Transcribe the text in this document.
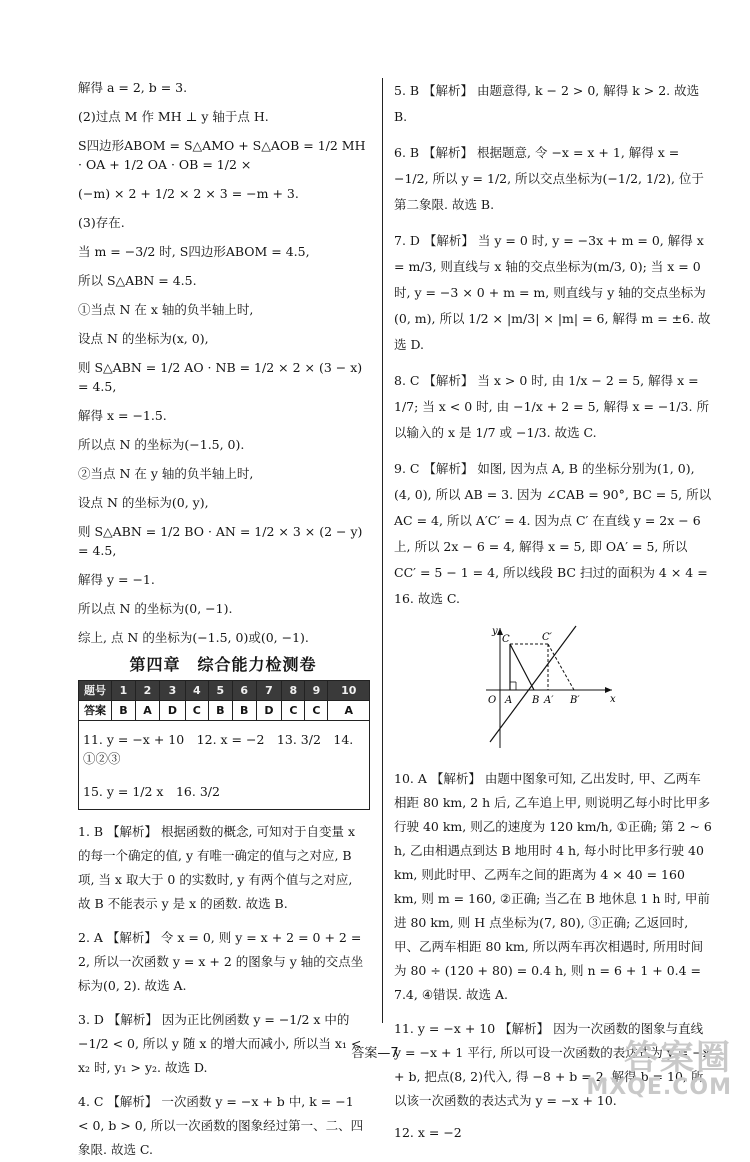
解得 a = 2, b = 3.

(2)过点 M 作 MH ⊥ y 轴于点 H.

S四边形ABOM = S△AMO + S△AOB = 1/2 MH · OA + 1/2 OA · OB = 1/2 ×

(−m) × 2 + 1/2 × 2 × 3 = −m + 3.

(3)存在.

当 m = −3/2 时, S四边形ABOM = 4.5,

所以 S△ABN = 4.5.

①当点 N 在 x 轴的负半轴上时,

设点 N 的坐标为(x, 0),

则 S△ABN = 1/2 AO · NB = 1/2 × 2 × (3 − x) = 4.5,

解得 x = −1.5.

所以点 N 的坐标为(−1.5, 0).

②当点 N 在 y 轴的负半轴上时,

设点 N 的坐标为(0, y),

则 S△ABN = 1/2 BO · AN = 1/2 × 3 × (2 − y) = 4.5,

解得 y = −1.

所以点 N 的坐标为(0, −1).

综上, 点 N 的坐标为(−1.5, 0)或(0, −1).

第四章　综合能力检测卷
题号	1	2	3	4	5	6	7	8	9	10
答案	B	A	D	C	B	B	D	C	C	A

11. y = −x + 10　12. x = −2　13. 3/2　14. ①②③

15. y = 1/2 x　16. 3/2

1. B 【解析】 根据函数的概念, 可知对于自变量 x 的每一个确定的值, y 有唯一确定的值与之对应, B 项, 当 x 取大于 0 的实数时, y 有两个值与之对应, 故 B 不能表示 y 是 x 的函数. 故选 B.

2. A 【解析】 令 x = 0, 则 y = x + 2 = 0 + 2 = 2, 所以一次函数 y = x + 2 的图象与 y 轴的交点坐标为(0, 2). 故选 A.

3. D 【解析】 因为正比例函数 y = −1/2 x 中的 −1/2 < 0, 所以 y 随 x 的增大而减小, 所以当 x₁ < x₂ 时, y₁ > y₂. 故选 D.

4. C 【解析】 一次函数 y = −x + b 中, k = −1 < 0, b > 0, 所以一次函数的图象经过第一、二、四象限. 故选 C.

5. B 【解析】 由题意得, k − 2 > 0, 解得 k > 2. 故选 B.

6. B 【解析】 根据题意, 令 −x = x + 1, 解得 x = −1/2, 所以 y = 1/2, 所以交点坐标为(−1/2, 1/2), 位于第二象限. 故选 B.

7. D 【解析】 当 y = 0 时, y = −3x + m = 0, 解得 x = m/3, 则直线与 x 轴的交点坐标为(m/3, 0); 当 x = 0 时, y = −3 × 0 + m = m, 则直线与 y 轴的交点坐标为(0, m), 所以 1/2 × |m/3| × |m| = 6, 解得 m = ±6. 故选 D.

8. C 【解析】 当 x > 0 时, 由 1/x − 2 = 5, 解得 x = 1/7; 当 x < 0 时, 由 −1/x + 2 = 5, 解得 x = −1/3. 所以输入的 x 是 1/7 或 −1/3. 故选 C.

9. C 【解析】 如图, 因为点 A, B 的坐标分别为(1, 0), (4, 0), 所以 AB = 3. 因为 ∠CAB = 90°, BC = 5, 所以 AC = 4, 所以 A′C′ = 4. 因为点 C′ 在直线 y = 2x − 6 上, 所以 2x − 6 = 4, 解得 x = 5, 即 OA′ = 5, 所以 CC′ = 5 − 1 = 4, 所以线段 BC 扫过的面积为 4 × 4 = 16. 故选 C.

y
x
O A B A′ B′
C	C′

10. A 【解析】 由题中图象可知, 乙出发时, 甲、乙两车相距 80 km, 2 h 后, 乙车追上甲, 则说明乙每小时比甲多行驶 40 km, 则乙的速度为 120 km/h, ①正确; 第 2 ~ 6 h, 乙由相遇点到达 B 地用时 4 h, 每小时比甲多行驶 40 km, 则此时甲、乙两车之间的距离为 4 × 40 = 160 km, 则 m = 160, ②正确; 当乙在 B 地休息 1 h 时, 甲前进 80 km, 则 H 点坐标为(7, 80), ③正确; 乙返回时, 甲、乙两车相距 80 km, 所以两车再次相遇时, 所用时间为 80 ÷ (120 + 80) = 0.4 h, 则 n = 6 + 1 + 0.4 = 7.4, ④错误. 故选 A.

11. y = −x + 10 【解析】 因为一次函数的图象与直线 y = −x + 1 平行, 所以可设一次函数的表达式为 y = −x + b, 把点(8, 2)代入, 得 −8 + b = 2, 解得 b = 10, 所以该一次函数的表达式为 y = −x + 10.

12. x = −2

答案—7	答案圈
MXQE.COM
